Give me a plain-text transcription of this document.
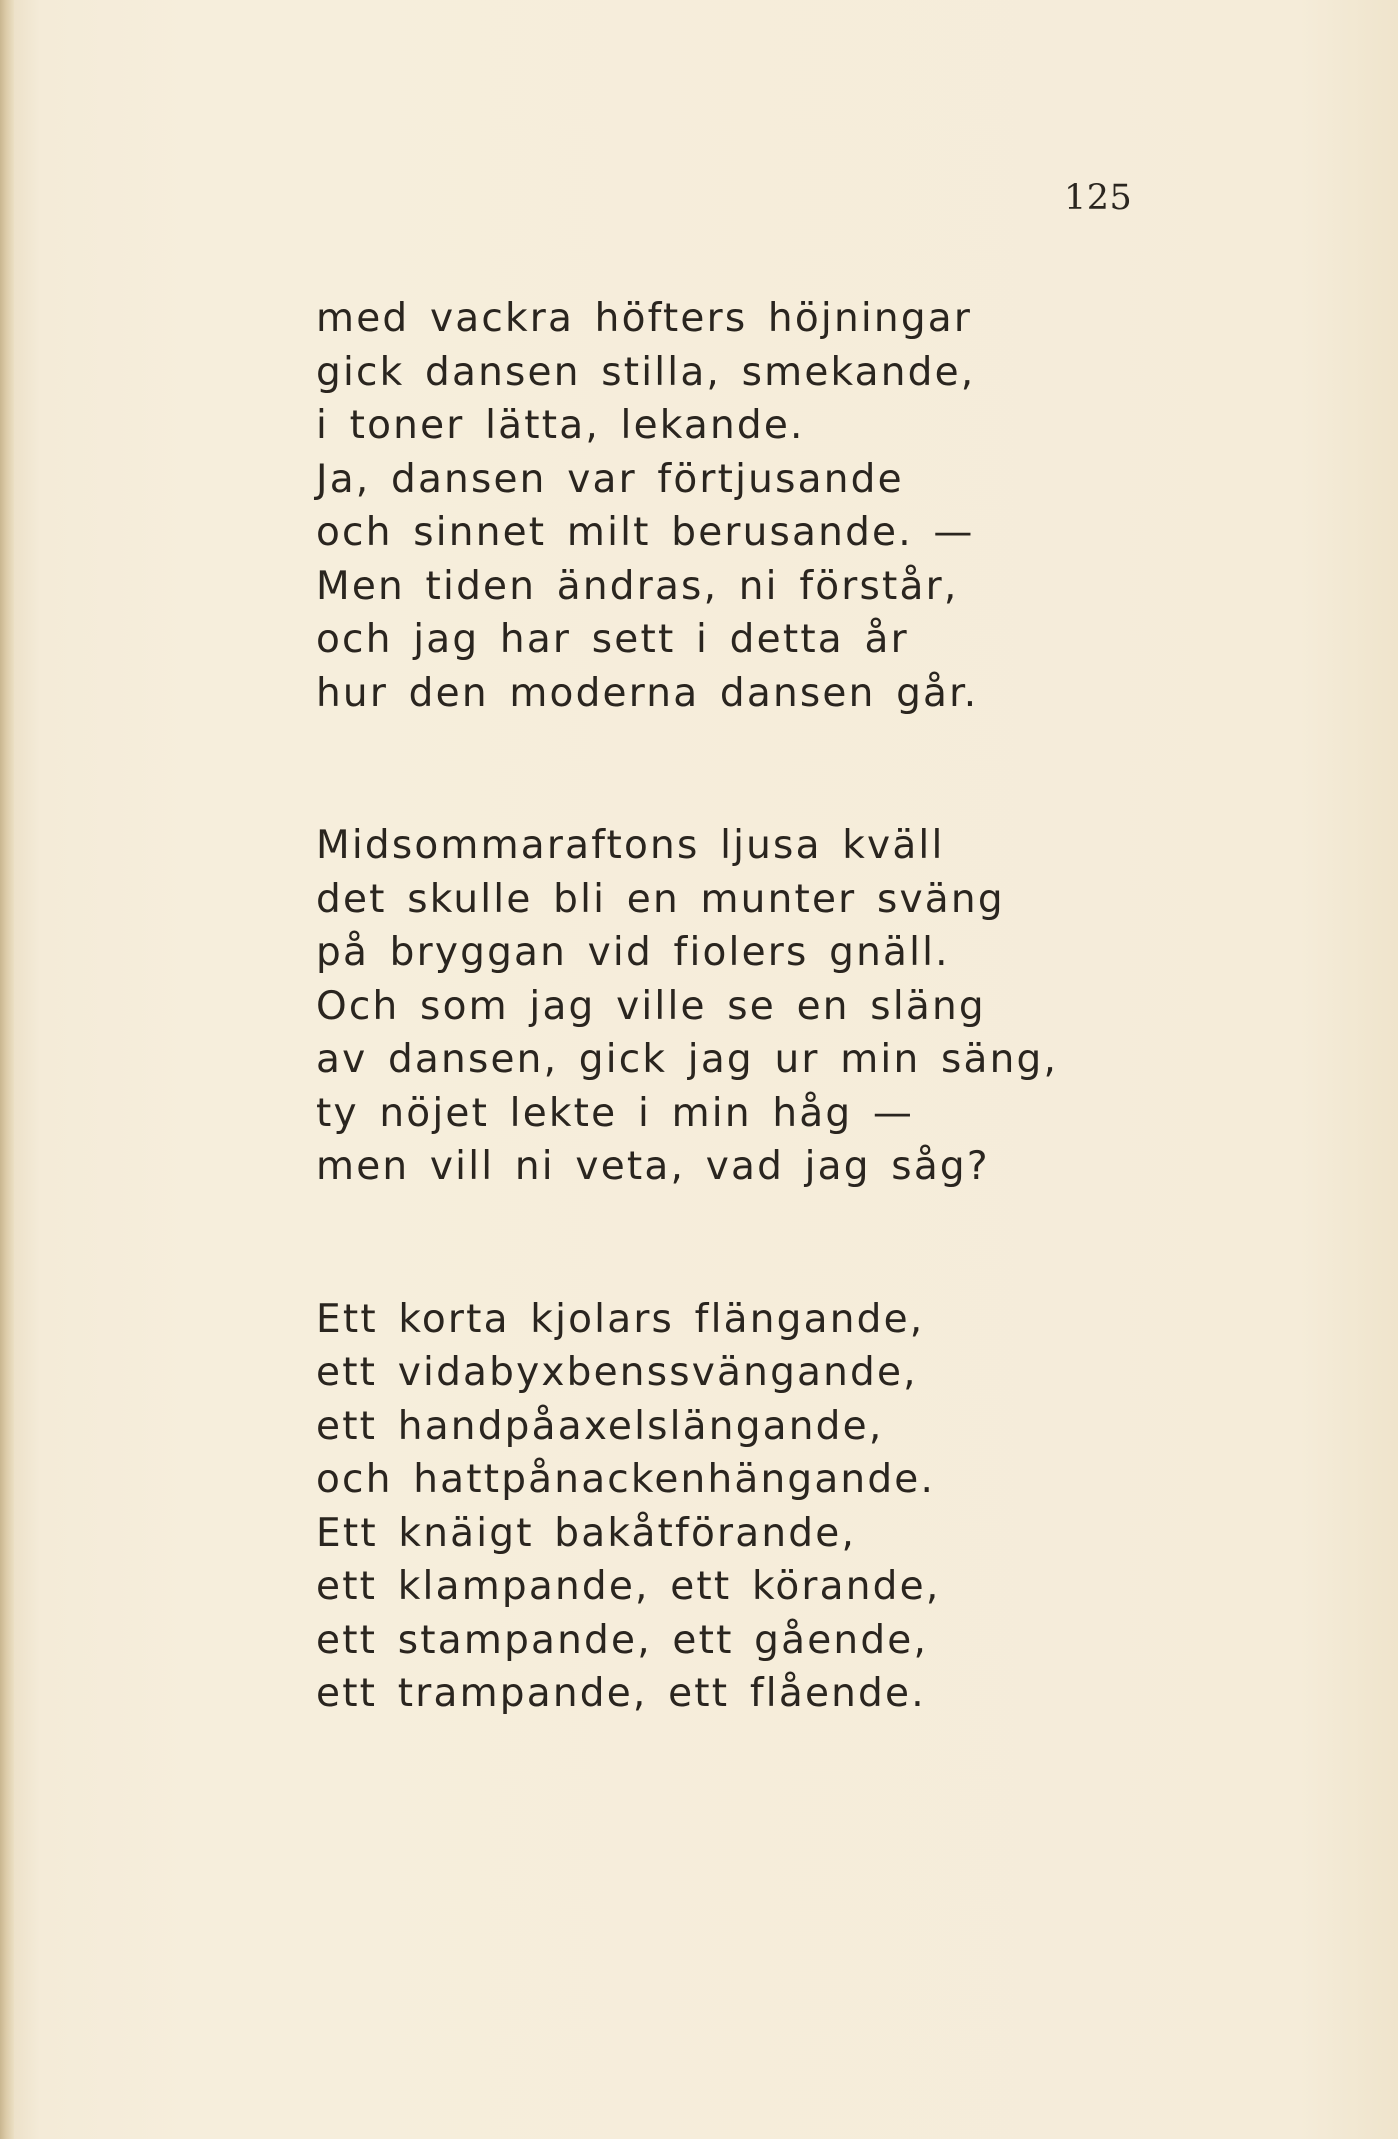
125
med vackra höfters höjningar
gick dansen stilla, smekande,
i toner lätta, lekande.
Ja, dansen var förtjusande
och sinnet milt berusande. —
Men tiden ändras, ni förstår,
och jag har sett i detta år
hur den moderna dansen går.
Midsommaraftons ljusa kväll
det skulle bli en munter sväng
på bryggan vid fiolers gnäll.
Och som jag ville se en släng
av dansen, gick jag ur min säng,
ty nöjet lekte i min håg —
men vill ni veta, vad jag såg?
Ett korta kjolars flängande,
ett vidabyxbenssvängande,
ett handpåaxelslängande,
och hattpånackenhängande.
Ett knäigt bakåtförande,
ett klampande, ett körande,
ett stampande, ett gående,
ett trampande, ett flående.
